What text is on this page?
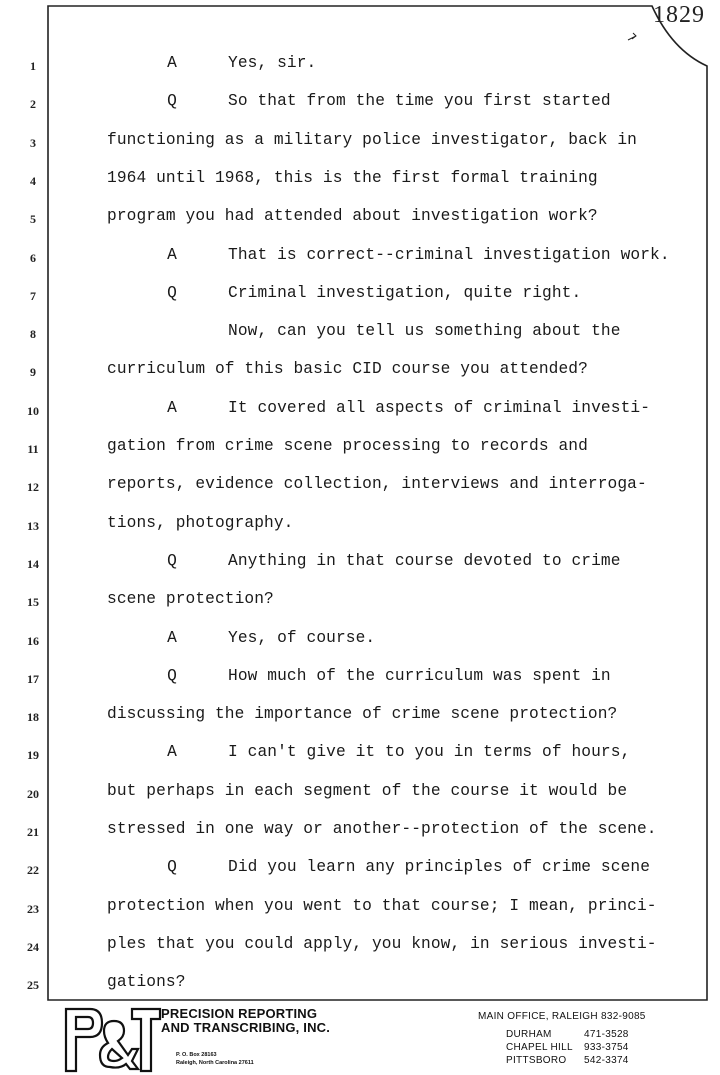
1829
1	A	Yes, sir.
2	Q	So that from the time you first started
3	functioning as a military police investigator, back in
4	1964 until 1968, this is the first formal training
5	program you had attended about investigation work?
6	A	That is correct--criminal investigation work.
7	Q	Criminal investigation, quite right.
8	Now, can you tell us something about the
9	curriculum of this basic CID course you attended?
10	A	It covered all aspects of criminal investi-
11	gation from crime scene processing to records and
12	reports, evidence collection, interviews and interroga-
13	tions, photography.
14	Q	Anything in that course devoted to crime
15	scene protection?
16	A	Yes, of course.
17	Q	How much of the curriculum was spent in
18	discussing the importance of crime scene protection?
19	A	I can't give it to you in terms of hours,
20	but perhaps in each segment of the course it would be
21	stressed in one way or another--protection of the scene.
22	Q	Did you learn any principles of crime scene
23	protection when you went to that course; I mean, princi-
24	ples that you could apply, you know, in serious investi-
25	gations?
PRECISION REPORTING
AND TRANSCRIBING, INC.
P. O. Box 28163
Raleigh, North Carolina 27611
MAIN OFFICE, RALEIGH 832-9085
DURHAM	471-3528
CHAPEL HILL 933-3754
PITTSBORO 542-3374
